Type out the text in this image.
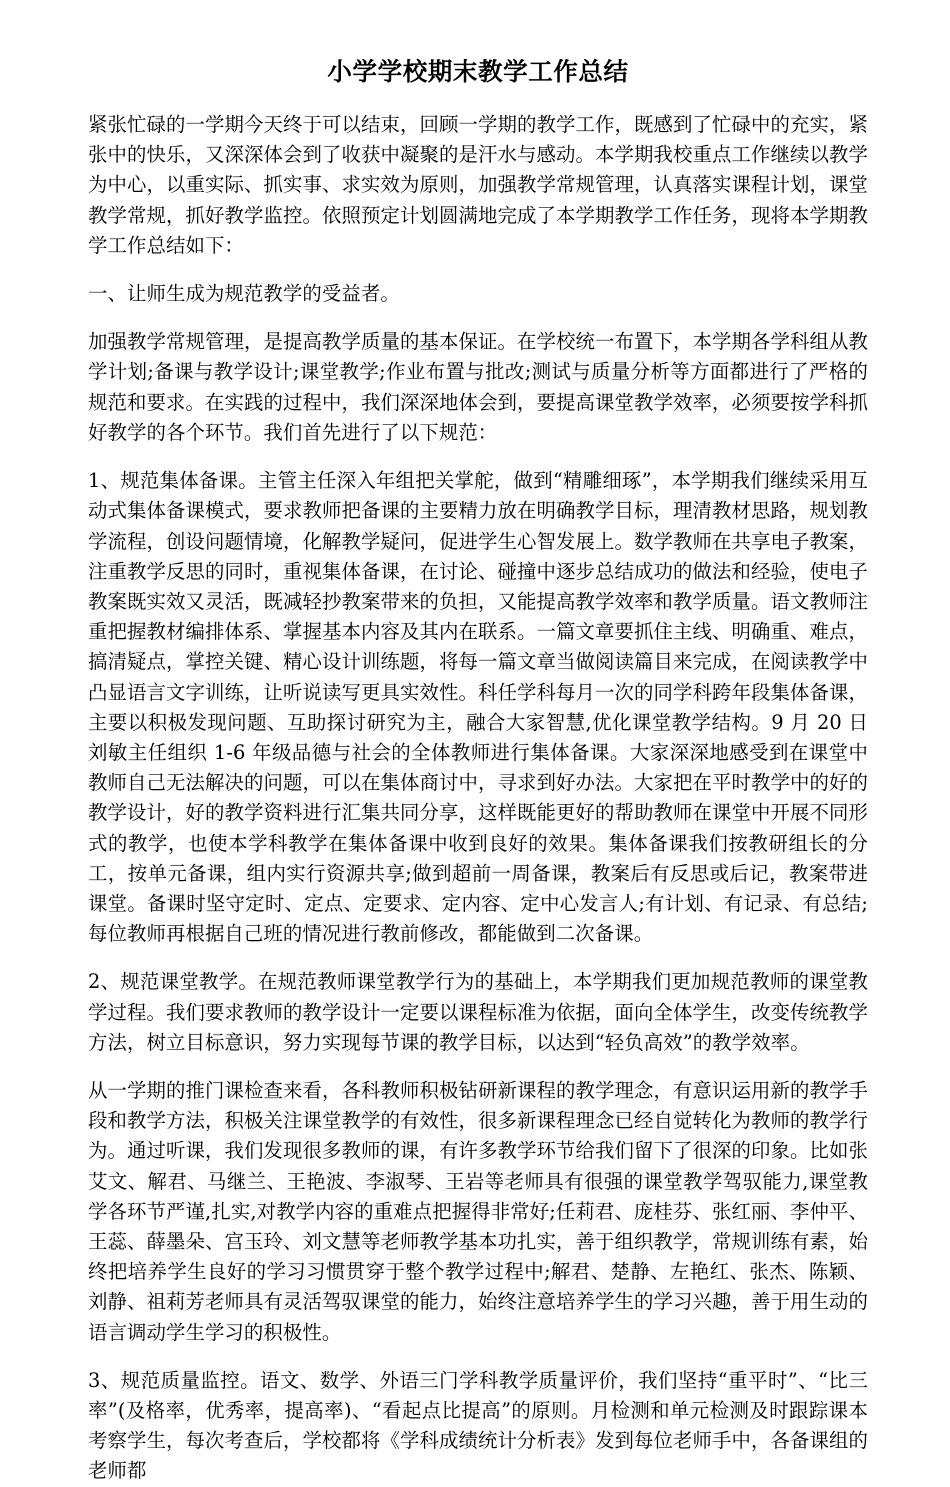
小学学校期末教学工作总结

紧张忙碌的一学期今天终于可以结束，回顾一学期的教学工作，既感到了忙碌中的充实，紧张中的快乐，又深深体会到了收获中凝聚的是汗水与感动。本学期我校重点工作继续以教学为中心，以重实际、抓实事、求实效为原则，加强教学常规管理，认真落实课程计划，课堂教学常规，抓好教学监控。依照预定计划圆满地完成了本学期教学工作任务，现将本学期教学工作总结如下：

一、让师生成为规范教学的受益者。

加强教学常规管理，是提高教学质量的基本保证。在学校统一布置下，本学期各学科组从教学计划;备课与教学设计;课堂教学;作业布置与批改;测试与质量分析等方面都进行了严格的规范和要求。在实践的过程中，我们深深地体会到，要提高课堂教学效率，必须要按学科抓好教学的各个环节。我们首先进行了以下规范：

1、规范集体备课。主管主任深入年组把关掌舵，做到“精雕细琢”，本学期我们继续采用互动式集体备课模式，要求教师把备课的主要精力放在明确教学目标，理清教材思路，规划教学流程，创设问题情境，化解教学疑问，促进学生心智发展上。数学教师在共享电子教案，注重教学反思的同时，重视集体备课，在讨论、碰撞中逐步总结成功的做法和经验，使电子教案既实效又灵活，既减轻抄教案带来的负担，又能提高教学效率和教学质量。语文教师注重把握教材编排体系、掌握基本内容及其内在联系。一篇文章要抓住主线、明确重、难点，搞清疑点，掌控关键、精心设计训练题，将每一篇文章当做阅读篇目来完成，在阅读教学中凸显语言文字训练，让听说读写更具实效性。科任学科每月一次的同学科跨年段集体备课，主要以积极发现问题、互助探讨研究为主，融合大家智慧,优化课堂教学结构。9 月 20 日刘敏主任组织 1-6 年级品德与社会的全体教师进行集体备课。大家深深地感受到在课堂中教师自己无法解决的问题，可以在集体商讨中，寻求到好办法。大家把在平时教学中的好的教学设计，好的教学资料进行汇集共同分享，这样既能更好的帮助教师在课堂中开展不同形式的教学，也使本学科教学在集体备课中收到良好的效果。集体备课我们按教研组长的分工，按单元备课，组内实行资源共享;做到超前一周备课，教案后有反思或后记，教案带进课堂。备课时坚守定时、定点、定要求、定内容、定中心发言人;有计划、有记录、有总结;每位教师再根据自己班的情况进行教前修改，都能做到二次备课。

2、规范课堂教学。在规范教师课堂教学行为的基础上，本学期我们更加规范教师的课堂教学过程。我们要求教师的教学设计一定要以课程标准为依据，面向全体学生，改变传统教学方法，树立目标意识，努力实现每节课的教学目标，以达到“轻负高效”的教学效率。

从一学期的推门课检查来看，各科教师积极钻研新课程的教学理念，有意识运用新的教学手段和教学方法，积极关注课堂教学的有效性，很多新课程理念已经自觉转化为教师的教学行为。通过听课，我们发现很多教师的课，有许多教学环节给我们留下了很深的印象。比如张艾文、解君、马继兰、王艳波、李淑琴、王岩等老师具有很强的课堂教学驾驭能力,课堂教学各环节严谨,扎实,对教学内容的重难点把握得非常好;任莉君、庞桂芬、张红丽、李仲平、王蕊、薛墨朵、宫玉玲、刘文慧等老师教学基本功扎实，善于组织教学，常规训练有素，始终把培养学生良好的学习习惯贯穿于整个教学过程中;解君、楚静、左艳红、张杰、陈颖、刘静、祖莉芳老师具有灵活驾驭课堂的能力，始终注意培养学生的学习兴趣，善于用生动的语言调动学生学习的积极性。

3、规范质量监控。语文、数学、外语三门学科教学质量评价，我们坚持“重平时”、“比三率”(及格率，优秀率，提高率)、“看起点比提高”的原则。月检测和单元检测及时跟踪课本考察学生，每次考查后，学校都将《学科成绩统计分析表》发到每位老师手中，各备课组的老师都
